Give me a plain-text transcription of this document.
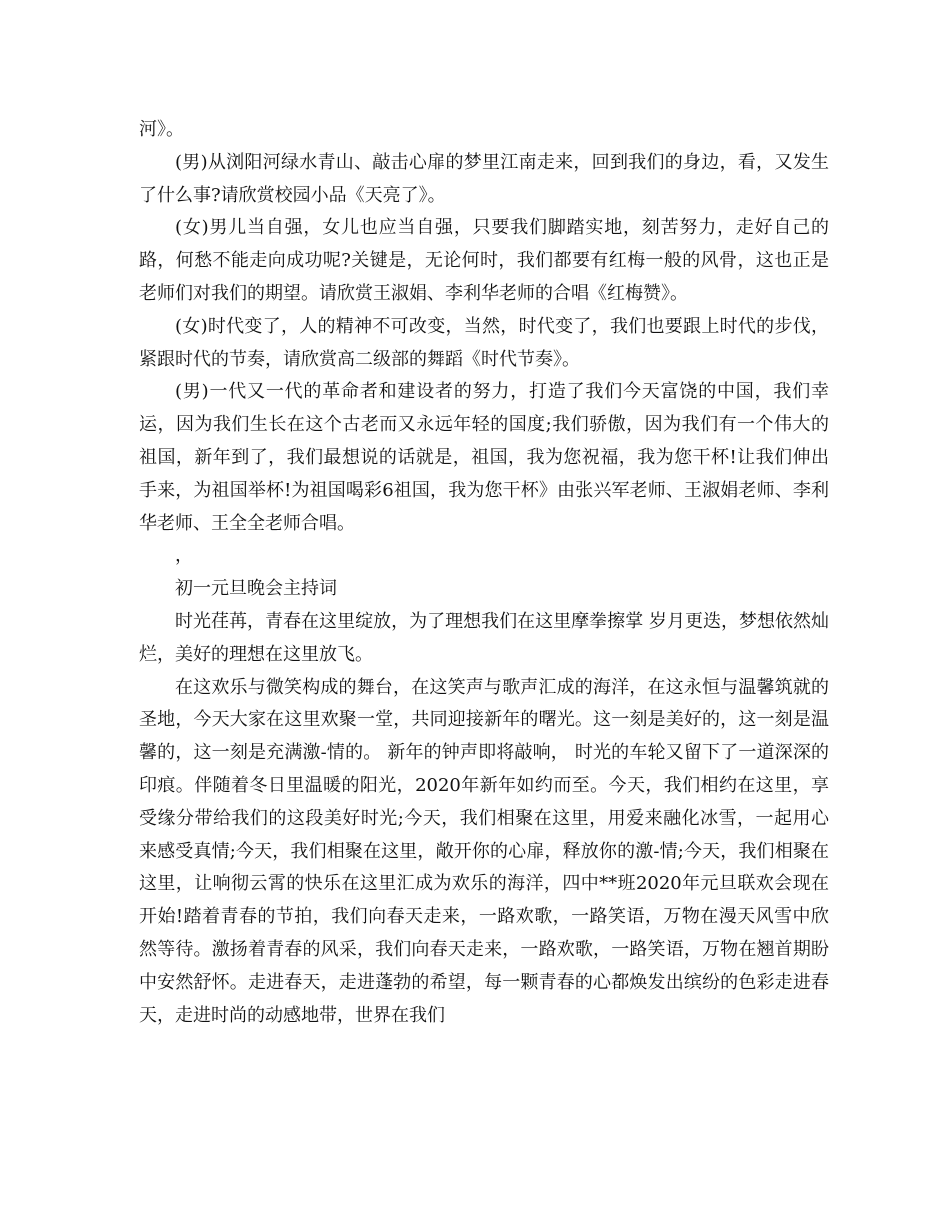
河》。

(男)从浏阳河绿水青山、敲击心扉的梦里江南走来，回到我们的身边，看，又发生了什么事?请欣赏校园小品《天亮了》。

(女)男儿当自强，女儿也应当自强，只要我们脚踏实地，刻苦努力，走好自己的路，何愁不能走向成功呢?关键是，无论何时，我们都要有红梅一般的风骨，这也正是老师们对我们的期望。请欣赏王淑娟、李利华老师的合唱《红梅赞》。

(女)时代变了，人的精神不可改变，当然，时代变了，我们也要跟上时代的步伐，紧跟时代的节奏，请欣赏高二级部的舞蹈《时代节奏》。

(男)一代又一代的革命者和建设者的努力，打造了我们今天富饶的中国，我们幸运，因为我们生长在这个古老而又永远年轻的国度;我们骄傲，因为我们有一个伟大的祖国，新年到了，我们最想说的话就是，祖国，我为您祝福，我为您干杯!让我们伸出手来，为祖国举杯!为祖国喝彩6祖国，我为您干杯》由张兴军老师、王淑娟老师、李利华老师、王全全老师合唱。

，

初一元旦晚会主持词

时光荏苒，青春在这里绽放，为了理想我们在这里摩拳擦掌 岁月更迭，梦想依然灿烂，美好的理想在这里放飞。

在这欢乐与微笑构成的舞台，在这笑声与歌声汇成的海洋，在这永恒与温馨筑就的圣地，今天大家在这里欢聚一堂，共同迎接新年的曙光。这一刻是美好的，这一刻是温馨的，这一刻是充满激-情的。 新年的钟声即将敲响， 时光的车轮又留下了一道深深的印痕。伴随着冬日里温暖的阳光，2020年新年如约而至。今天，我们相约在这里，享受缘分带给我们的这段美好时光;今天，我们相聚在这里，用爱来融化冰雪，一起用心来感受真情;今天，我们相聚在这里，敞开你的心扉，释放你的激-情;今天，我们相聚在这里，让响彻云霄的快乐在这里汇成为欢乐的海洋，四中**班2020年元旦联欢会现在开始!踏着青春的节拍，我们向春天走来，一路欢歌，一路笑语，万物在漫天风雪中欣然等待。激扬着青春的风采，我们向春天走来，一路欢歌，一路笑语，万物在翘首期盼中安然舒怀。走进春天，走进蓬勃的希望，每一颗青春的心都焕发出缤纷的色彩走进春天，走进时尚的动感地带，世界在我们
